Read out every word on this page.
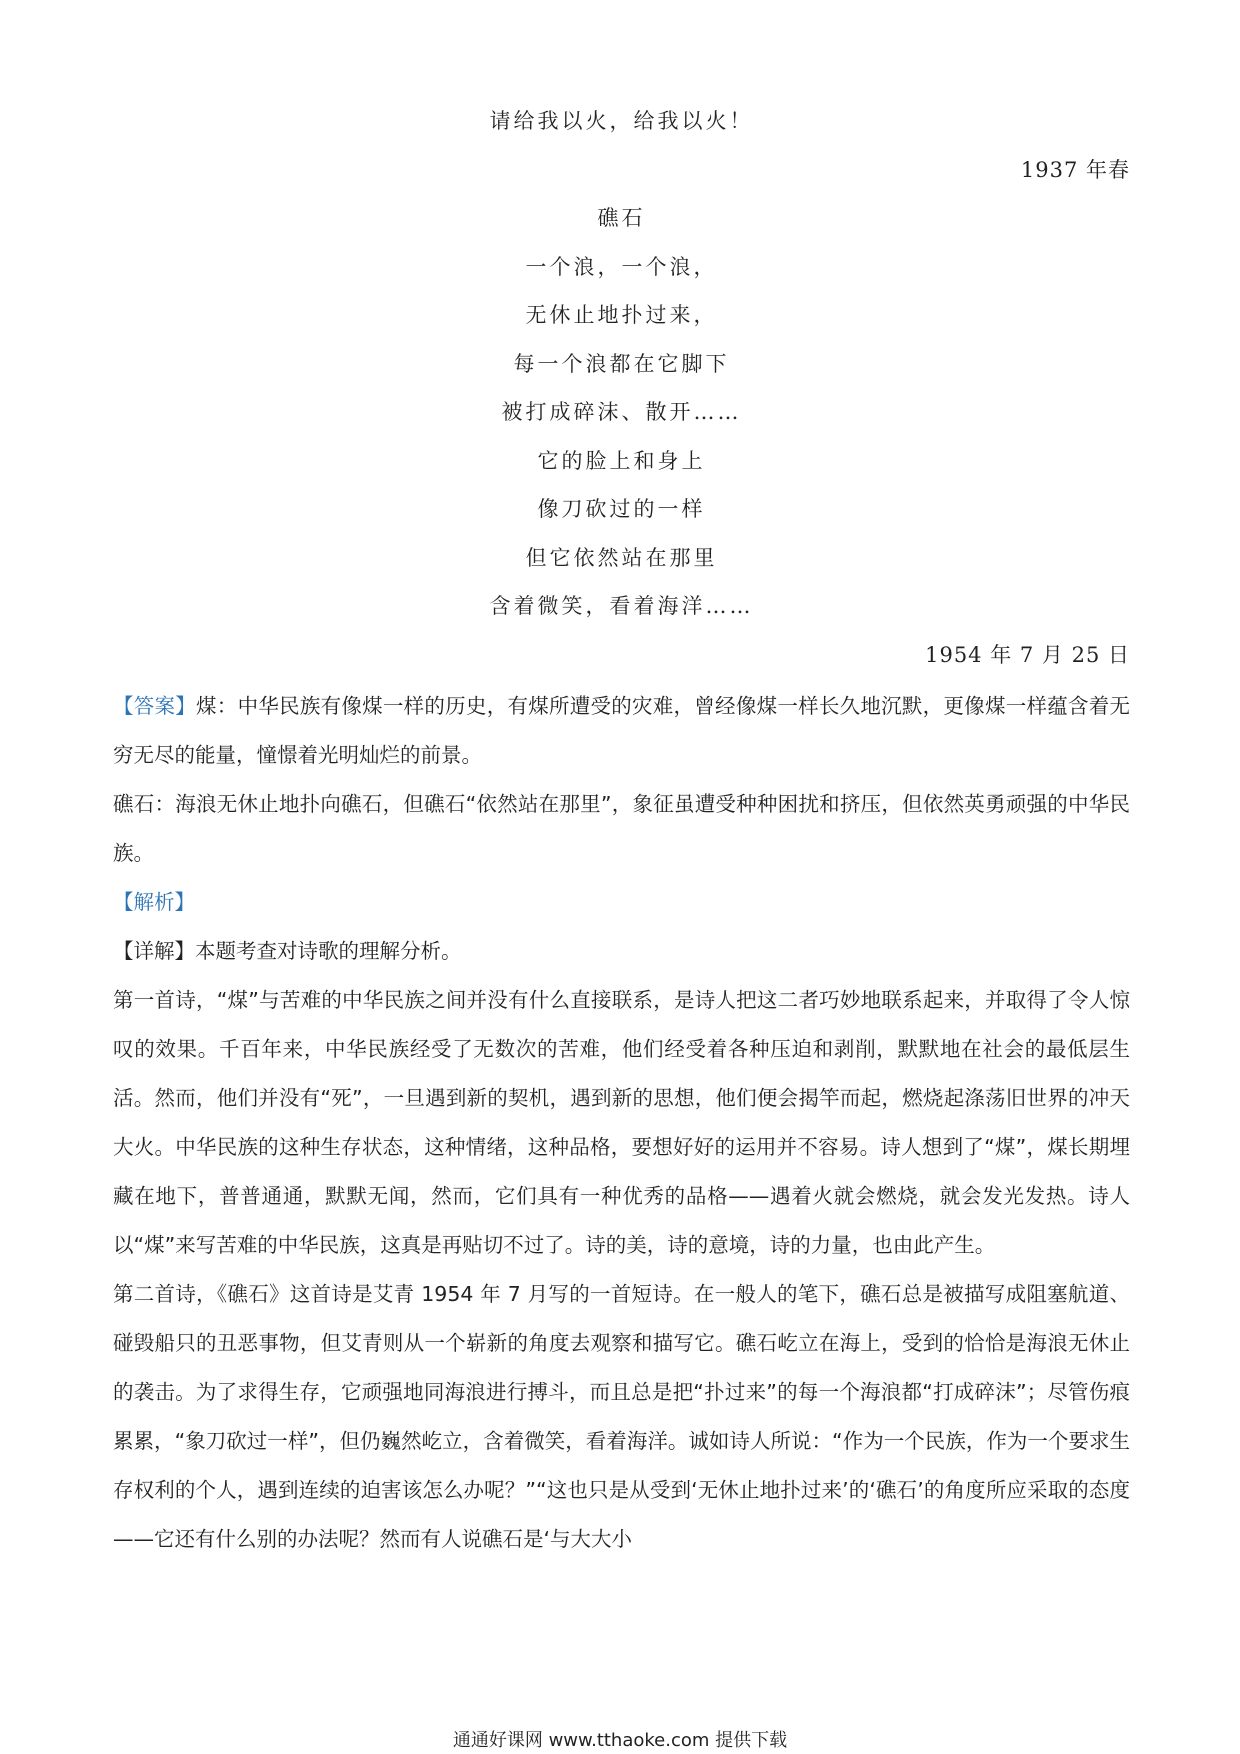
请给我以火，给我以火！
1937 年春
礁石
一个浪，一个浪，
无休止地扑过来，
每一个浪都在它脚下
被打成碎沫、散开……
它的脸上和身上
像刀砍过的一样
但它依然站在那里
含着微笑，看着海洋……
1954 年 7 月 25 日

【答案】煤：中华民族有像煤一样的历史，有煤所遭受的灾难，曾经像煤一样长久地沉默，更像煤一样蕴含着无穷无尽的能量，憧憬着光明灿烂的前景。

礁石：海浪无休止地扑向礁石，但礁石“依然站在那里”，象征虽遭受种种困扰和挤压，但依然英勇顽强的中华民族。

【解析】

【详解】本题考查对诗歌的理解分析。

第一首诗，“煤”与苦难的中华民族之间并没有什么直接联系，是诗人把这二者巧妙地联系起来，并取得了令人惊叹的效果。千百年来，中华民族经受了无数次的苦难，他们经受着各种压迫和剥削，默默地在社会的最低层生活。然而，他们并没有“死”，一旦遇到新的契机，遇到新的思想，他们便会揭竿而起，燃烧起涤荡旧世界的冲天大火。中华民族的这种生存状态，这种情绪，这种品格，要想好好的运用并不容易。诗人想到了“煤”，煤长期埋藏在地下，普普通通，默默无闻，然而，它们具有一种优秀的品格——遇着火就会燃烧，就会发光发热。诗人以“煤”来写苦难的中华民族，这真是再贴切不过了。诗的美，诗的意境，诗的力量，也由此产生。

第二首诗，《礁石》这首诗是艾青 1954 年 7 月写的一首短诗。在一般人的笔下，礁石总是被描写成阻塞航道、碰毁船只的丑恶事物，但艾青则从一个崭新的角度去观察和描写它。礁石屹立在海上，受到的恰恰是海浪无休止的袭击。为了求得生存，它顽强地同海浪进行搏斗，而且总是把“扑过来”的每一个海浪都“打成碎沫”；尽管伤痕累累，“象刀砍过一样”，但仍巍然屹立，含着微笑，看着海洋。诚如诗人所说：“作为一个民族，作为一个要求生存权利的个人，遇到连续的迫害该怎么办呢？”“这也只是从受到‘无休止地扑过来’的‘礁石’的角度所应采取的态度——它还有什么别的办法呢？然而有人说礁石是‘与大大小

通通好课网 www.tthaoke.com 提供下载
